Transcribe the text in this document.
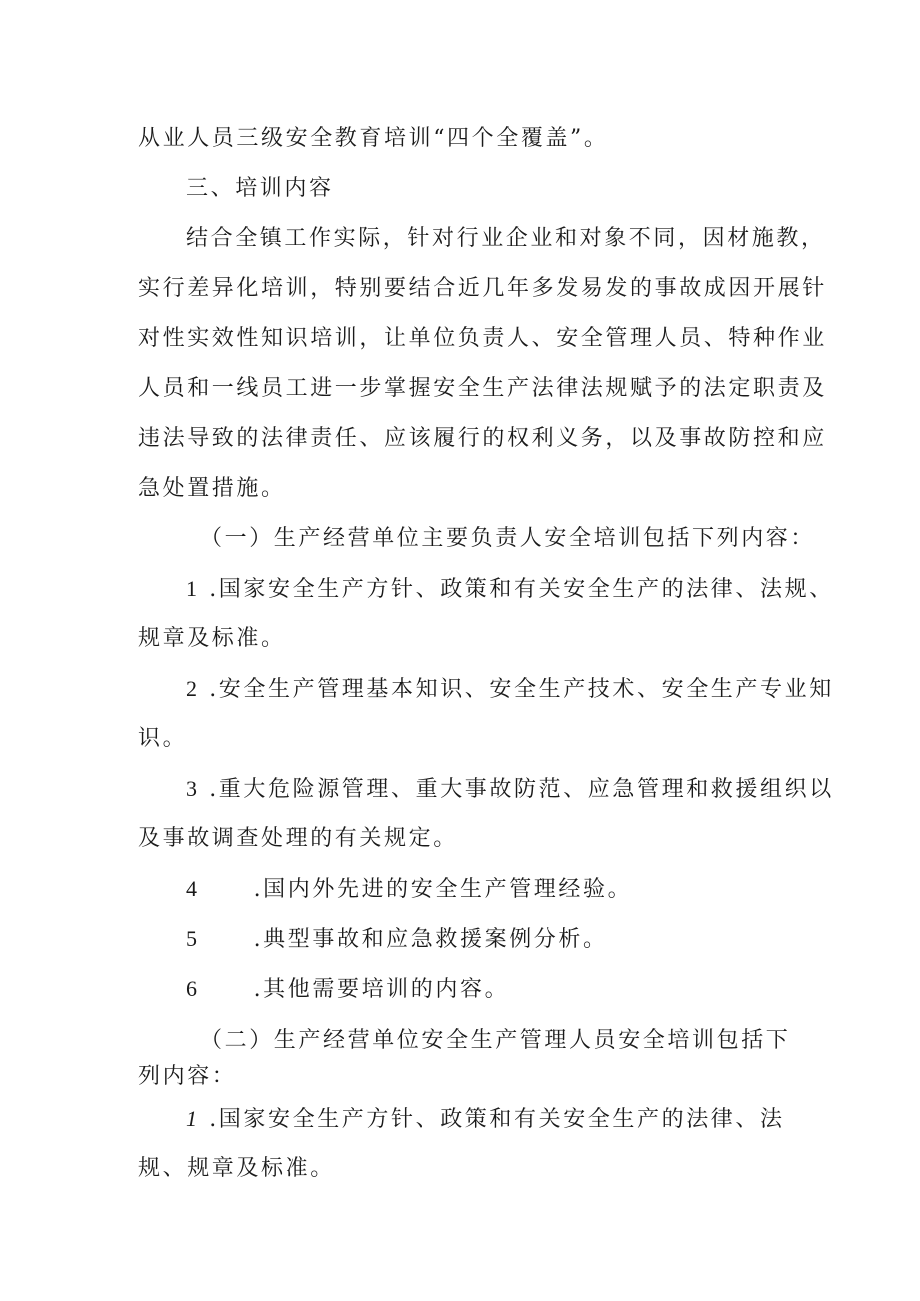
从业人员三级安全教育培训“四个全覆盖”。
三、培训内容
结合全镇工作实际，针对行业企业和对象不同，因材施教，
实行差异化培训，特别要结合近几年多发易发的事故成因开展针
对性实效性知识培训，让单位负责人、安全管理人员、特种作业
人员和一线员工进一步掌握安全生产法律法规赋予的法定职责及
违法导致的法律责任、应该履行的权利义务，以及事故防控和应
急处置措施。
（一）生产经营单位主要负责人安全培训包括下列内容：
1 .国家安全生产方针、政策和有关安全生产的法律、法规、
规章及标准。
2 .安全生产管理基本知识、安全生产技术、安全生产专业知
识。
3 .重大危险源管理、重大事故防范、应急管理和救援组织以
及事故调查处理的有关规定。
4 .国内外先进的安全生产管理经验。
5 .典型事故和应急救援案例分析。
6 .其他需要培训的内容。
（二）生产经营单位安全生产管理人员安全培训包括下
列内容：
1 .国家安全生产方针、政策和有关安全生产的法律、法
规、规章及标准。
